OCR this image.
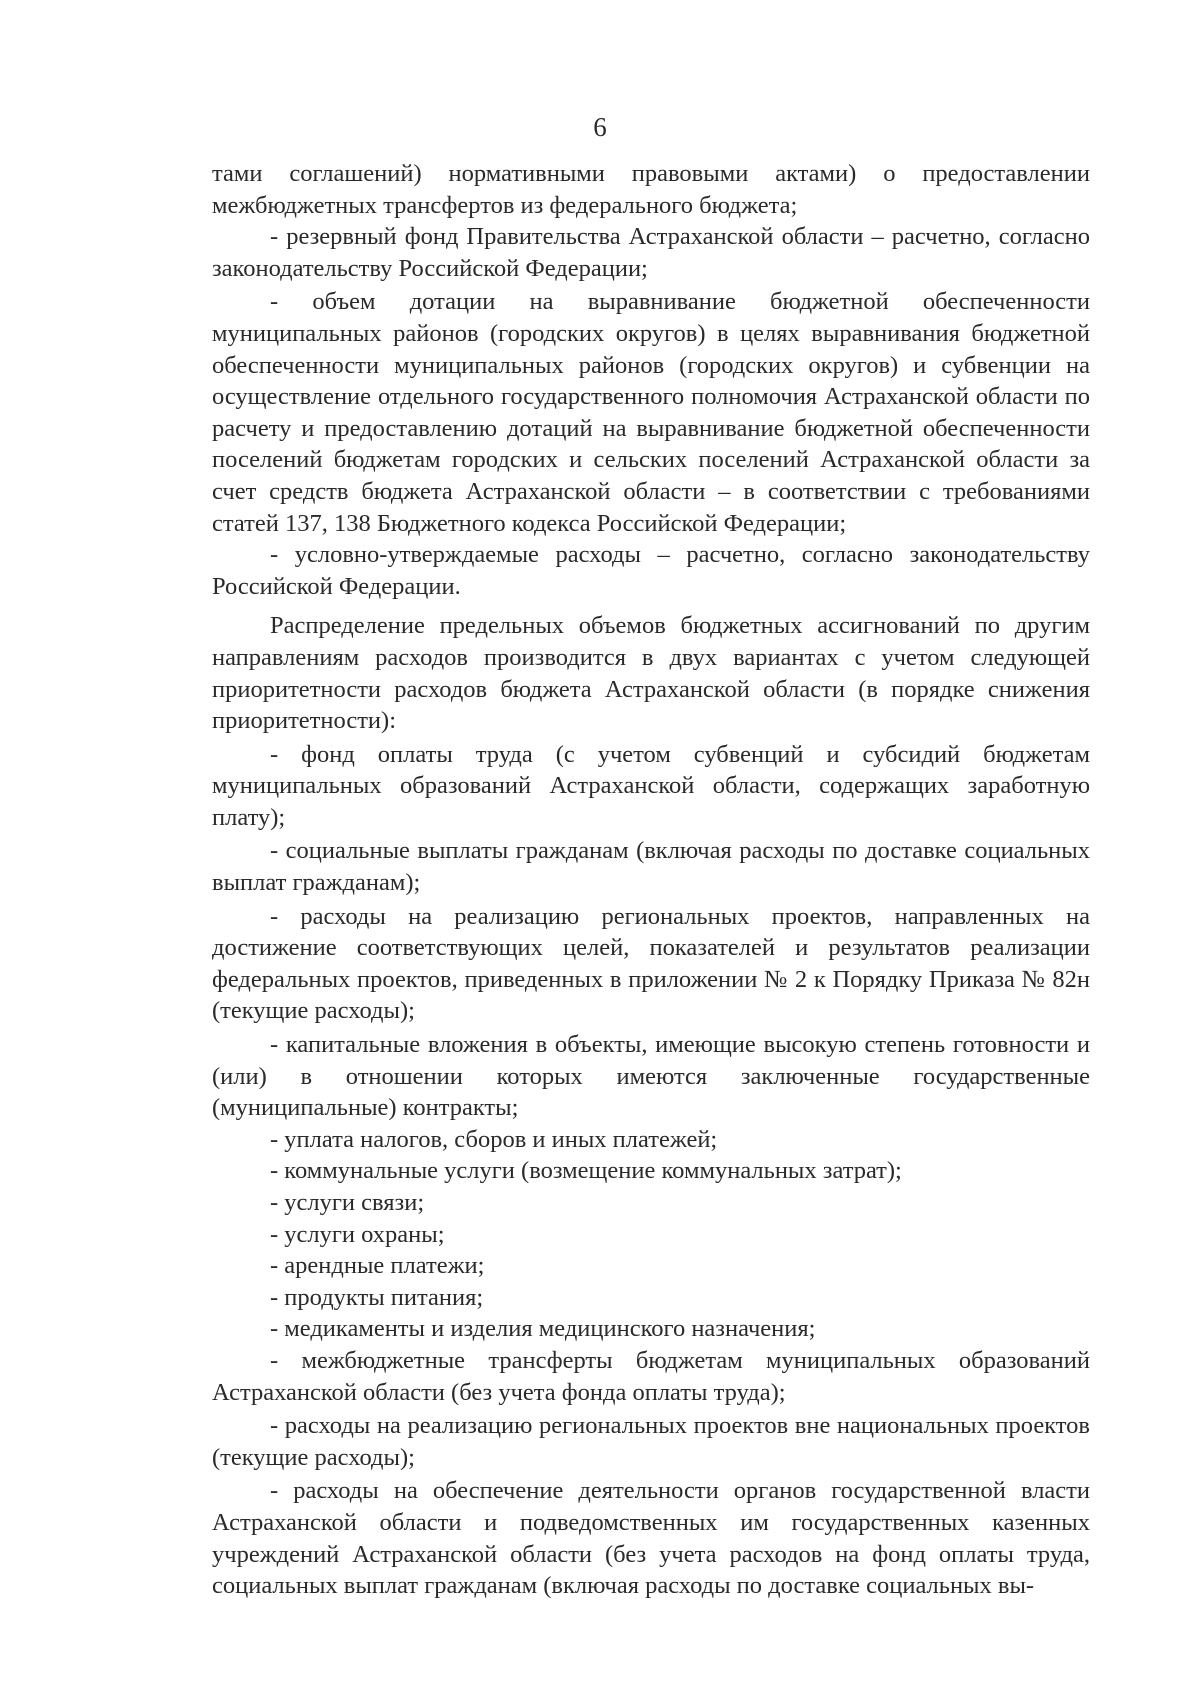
6

тами соглашений) нормативными правовыми актами) о предоставлении межбюджетных трансфертов из федерального бюджета;

- резервный фонд Правительства Астраханской области – расчетно, согласно законодательству Российской Федерации;

- объем дотации на выравнивание бюджетной обеспеченности муниципальных районов (городских округов) в целях выравнивания бюджетной обеспеченности муниципальных районов (городских округов) и субвенции на осуществление отдельного государственного полномочия Астраханской области по расчету и предоставлению дотаций на выравнивание бюджетной обеспеченности поселений бюджетам городских и сельских поселений Астраханской области за счет средств бюджета Астраханской области – в соответствии с требованиями статей 137, 138 Бюджетного кодекса Российской Федерации;

- условно-утверждаемые расходы – расчетно, согласно законодательству Российской Федерации.

Распределение предельных объемов бюджетных ассигнований по другим направлениям расходов производится в двух вариантах с учетом следующей приоритетности расходов бюджета Астраханской области (в порядке снижения приоритетности):

- фонд оплаты труда (с учетом субвенций и субсидий бюджетам муниципальных образований Астраханской области, содержащих заработную плату);

- социальные выплаты гражданам (включая расходы по доставке социальных выплат гражданам);

- расходы на реализацию региональных проектов, направленных на достижение соответствующих целей, показателей и результатов реализации федеральных проектов, приведенных в приложении № 2 к Порядку Приказа № 82н (текущие расходы);

- капитальные вложения в объекты, имеющие высокую степень готовности и (или) в отношении которых имеются заключенные государственные (муниципальные) контракты;

- уплата налогов, сборов и иных платежей;

- коммунальные услуги (возмещение коммунальных затрат);

- услуги связи;

- услуги охраны;

- арендные платежи;

- продукты питания;

- медикаменты и изделия медицинского назначения;

- межбюджетные трансферты бюджетам муниципальных образований Астраханской области (без учета фонда оплаты труда);

- расходы на реализацию региональных проектов вне национальных проектов (текущие расходы);

- расходы на обеспечение деятельности органов государственной власти Астраханской области и подведомственных им государственных казенных учреждений Астраханской области (без учета расходов на фонд оплаты труда, социальных выплат гражданам (включая расходы по доставке социальных вы-
